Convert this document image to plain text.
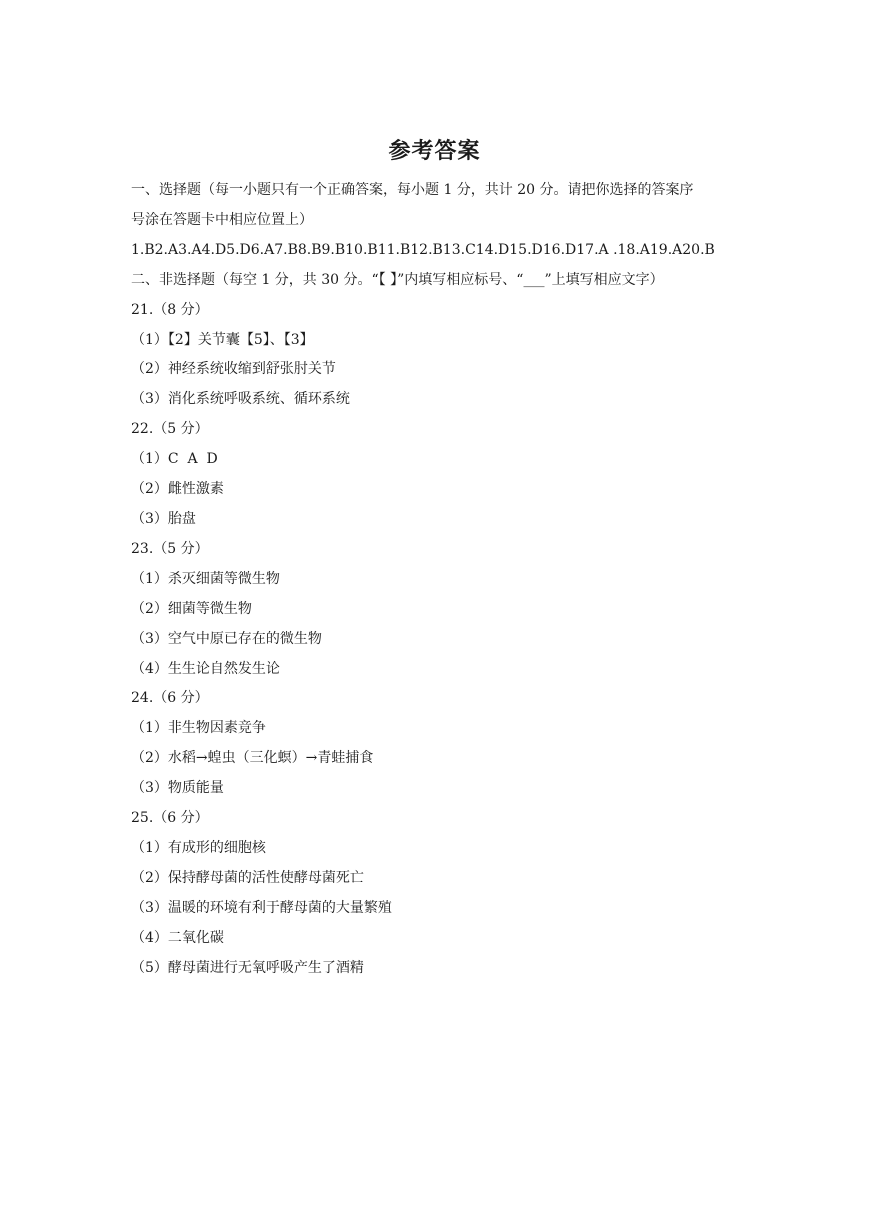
参考答案
一、选择题（每一小题只有一个正确答案，每小题 1 分，共计 20 分。请把你选择的答案序
号涂在答题卡中相应位置上）
1.B2.A3.A4.D5.D6.A7.B8.B9.B10.B11.B12.B13.C14.D15.D16.D17.A .18.A19.A20.B
二、非选择题（每空 1 分，共 30 分。“【 】”内填写相应标号、“___”上填写相应文字）
21.（8 分）
（1）【2】关节囊【5】、【3】
（2）神经系统收缩到舒张肘关节
（3）消化系统呼吸系统、循环系统
22.（5 分）
（1）C  A  D
（2）雌性激素
（3）胎盘
23.（5 分）
（1）杀灭细菌等微生物
（2）细菌等微生物
（3）空气中原已存在的微生物
（4）生生论自然发生论
24.（6 分）
（1）非生物因素竞争
（2）水稻→蝗虫（三化螟）→青蛙捕食
（3）物质能量
25.（6 分）
（1）有成形的细胞核
（2）保持酵母菌的活性使酵母菌死亡
（3）温暖的环境有利于酵母菌的大量繁殖
（4）二氧化碳
（5）酵母菌进行无氧呼吸产生了酒精
